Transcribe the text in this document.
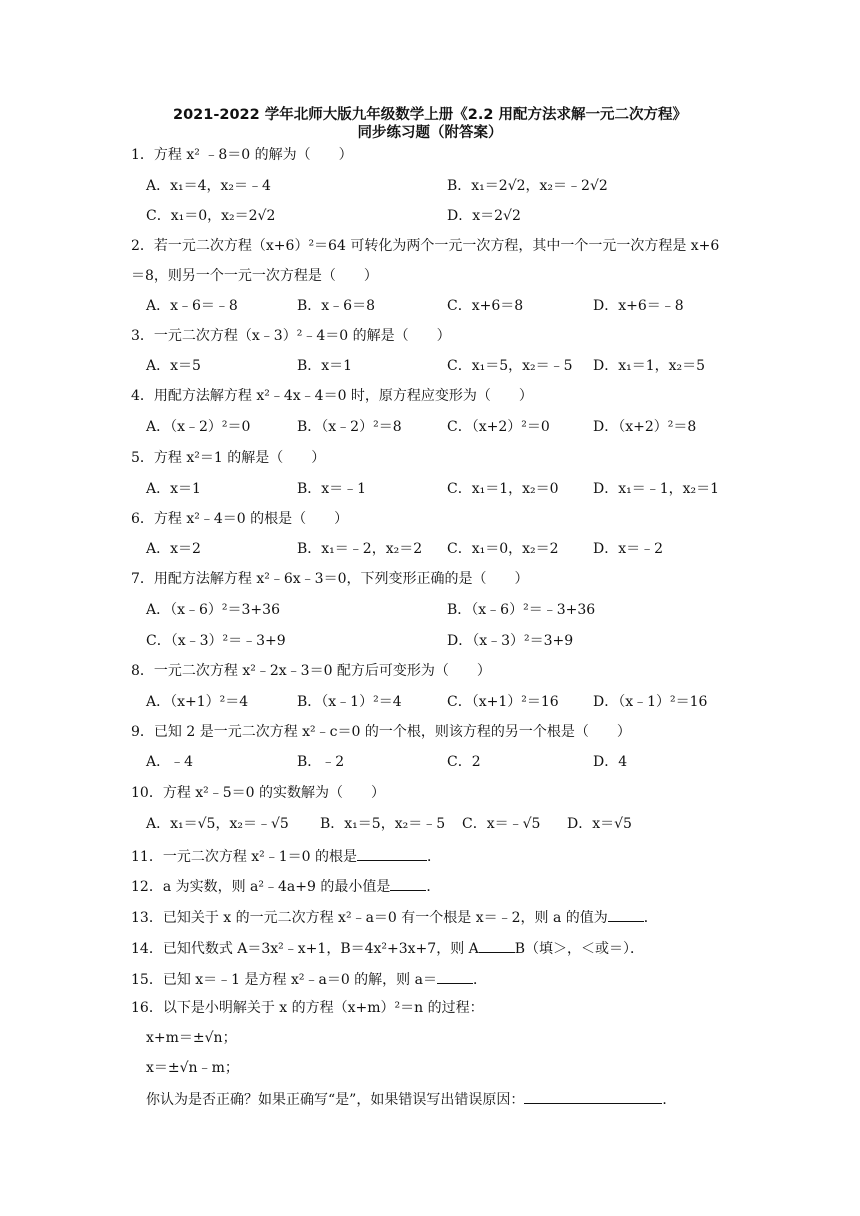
2021-2022 学年北师大版九年级数学上册《2.2 用配方法求解一元二次方程》
同步练习题（附答案）
1．方程 x² ﹣8＝0 的解为（　　）
A．x₁＝4，x₂＝﹣4	B．x₁＝2√2，x₂＝﹣2√2
C．x₁＝0，x₂＝2√2	D．x＝2√2
2．若一元二次方程（x+6）²＝64 可转化为两个一元一次方程，其中一个一元一次方程是 x+6
＝8，则另一个一元一次方程是（　　）
A．x﹣6＝﹣8	B．x﹣6＝8	C．x+6＝8	D．x+6＝﹣8
3．一元二次方程（x﹣3）²﹣4＝0 的解是（　　）
A．x＝5	B．x＝1	C．x₁＝5，x₂＝﹣5 D．x₁＝1，x₂＝5
4．用配方法解方程 x²﹣4x﹣4＝0 时，原方程应变形为（　　）
A．（x﹣2）²＝0	B．（x﹣2）²＝8	C．（x+2）²＝0	D．（x+2）²＝8
5．方程 x²＝1 的解是（　　）
A．x＝1	B．x＝﹣1	C．x₁＝1，x₂＝0 D．x₁＝﹣1，x₂＝1
6．方程 x²﹣4＝0 的根是（　　）
A．x＝2	B．x₁＝﹣2，x₂＝2 C．x₁＝0，x₂＝2 D．x＝﹣2
7．用配方法解方程 x²﹣6x﹣3＝0，下列变形正确的是（　　）
A．（x﹣6）²＝3+36	B．（x﹣6）²＝﹣3+36
C．（x﹣3）²＝﹣3+9	D．（x﹣3）²＝3+9
8．一元二次方程 x²﹣2x﹣3＝0 配方后可变形为（　　）
A．（x+1）²＝4	B．（x﹣1）²＝4	C．（x+1）²＝16 D．（x﹣1）²＝16
9．已知 2 是一元二次方程 x²﹣c＝0 的一个根，则该方程的另一个根是（　　）
A．﹣4	B．﹣2	C．2	D．4
10．方程 x²﹣5＝0 的实数解为（　　）
A．x₁＝√5，x₂＝﹣√5 B．x₁＝5，x₂＝﹣5 C．x＝﹣√5 D．x＝√5
11．一元二次方程 x²﹣1＝0 的根是	．
12．a 为实数，则 a²﹣4a+9 的最小值是	．
13．已知关于 x 的一元二次方程 x²﹣a＝0 有一个根是 x＝﹣2，则 a 的值为	．
14．已知代数式 A＝3x²﹣x+1，B＝4x²+3x+7，则 A	B（填＞，＜或＝）．
15．已知 x＝﹣1 是方程 x²﹣a＝0 的解，则 a＝	．
16．以下是小明解关于 x 的方程（x+m）²＝n 的过程：
x+m＝±√n；
x＝±√n﹣m；
你认为是否正确？如果正确写“是”，如果错误写出错误原因：	．
